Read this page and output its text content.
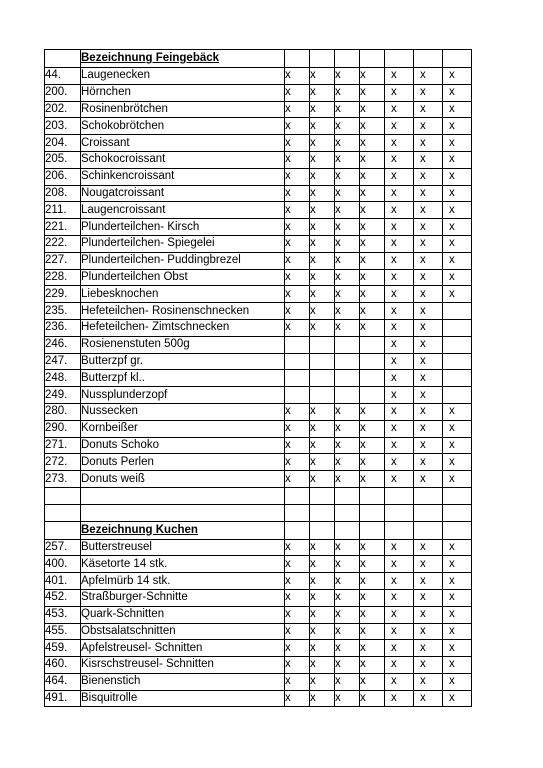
	Bezeichnung Feingebäck							
44.	Laugenecken	x	x	x	x	x	x	x
200.	Hörnchen	x	x	x	x	x	x	x
202.	Rosinenbrötchen	x	x	x	x	x	x	x
203.	Schokobrötchen	x	x	x	x	x	x	x
204.	Croissant	x	x	x	x	x	x	x
205.	Schokocroissant	x	x	x	x	x	x	x
206.	Schinkencroissant	x	x	x	x	x	x	x
208.	Nougatcroissant	x	x	x	x	x	x	x
211.	Laugencroissant	x	x	x	x	x	x	x
221.	Plunderteilchen- Kirsch	x	x	x	x	x	x	x
222.	Plunderteilchen- Spiegelei	x	x	x	x	x	x	x
227.	Plunderteilchen- Puddingbrezel	x	x	x	x	x	x	x
228.	Plunderteilchen Obst	x	x	x	x	x	x	x
229.	Liebesknochen	x	x	x	x	x	x	x
235.	Hefeteilchen- Rosinenschnecken	x	x	x	x	x	x	
236.	Hefeteilchen- Zimtschnecken	x	x	x	x	x	x	
246.	Rosienenstuten 500g					x	x	
247.	Butterzpf gr.					x	x	
248.	Butterzpf kl..					x	x	
249.	Nussplunderzopf					x	x	
280.	Nussecken	x	x	x	x	x	x	x
290.	Kornbeißer	x	x	x	x	x	x	x
271.	Donuts Schoko	x	x	x	x	x	x	x
272.	Donuts Perlen	x	x	x	x	x	x	x
273.	Donuts weiß	x	x	x	x	x	x	x

	Bezeichnung Kuchen							
257.	Butterstreusel	x	x	x	x	x	x	x
400.	Käsetorte 14 stk.	x	x	x	x	x	x	x
401.	Apfelmürb 14 stk.	x	x	x	x	x	x	x
452.	Straßburger-Schnitte	x	x	x	x	x	x	x
453.	Quark-Schnitten	x	x	x	x	x	x	x
455.	Obstsalatschnitten	x	x	x	x	x	x	x
459.	Apfelstreusel- Schnitten	x	x	x	x	x	x	x
460.	Kisrschstreusel- Schnitten	x	x	x	x	x	x	x
464.	Bienenstich	x	x	x	x	x	x	x
491.	Bisquitrolle	x	x	x	x	x	x	x
